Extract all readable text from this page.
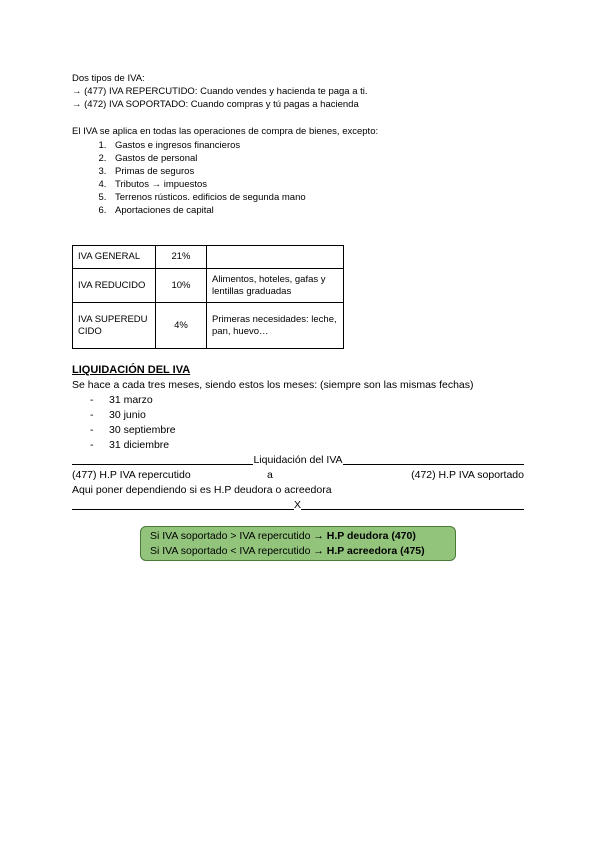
Dos tipos de IVA:
→ (477) IVA REPERCUTIDO: Cuando vendes y hacienda te paga a ti.
→ (472) IVA SOPORTADO: Cuando compras y tú pagas a hacienda
El IVA se aplica en todas las operaciones de compra de bienes, excepto:
1. Gastos e ingresos financieros
2. Gastos de personal
3. Primas de seguros
4. Tributos → impuestos
5. Terrenos rústicos. edificios de segunda mano
6. Aportaciones de capital
IVA GENERAL	21%	
IVA REDUCIDO	10%	Alimentos, hoteles, gafas y lentillas graduadas
IVA SUPEREDUCIDO	4%	Primeras necesidades: leche, pan, huevo…
LIQUIDACIÓN DEL IVA
Se hace a cada tres meses, siendo estos los meses: (siempre son las mismas fechas)
- 31 marzo
- 30 junio
- 30 septiembre
- 31 diciembre
Liquidación del IVA
(477) H.P IVA repercutido	a	(472) H.P IVA soportado
Aqui poner dependiendo si es H.P deudora o acreedora
X
Si IVA soportado > IVA repercutido → H.P deudora (470)
Si IVA soportado < IVA repercutido → H.P acreedora (475)
